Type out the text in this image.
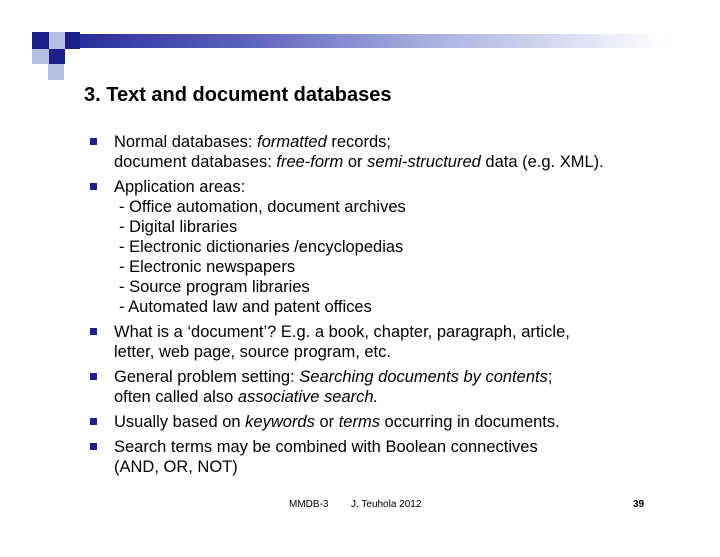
3. Text and document databases
Normal databases: formatted records;
document databases: free-form or semi-structured data (e.g. XML).
Application areas:
- Office automation, document archives
- Digital libraries
- Electronic dictionaries /encyclopedias
- Electronic newspapers
- Source program libraries
- Automated law and patent offices
What is a ‘document’? E.g. a book, chapter, paragraph, article,
letter, web page, source program, etc.
General problem setting: Searching documents by contents;
often called also associative search.
Usually based on keywords or terms occurring in documents.
Search terms may be combined with Boolean connectives
(AND, OR, NOT)
MMDB-3 J. Teuhola 2012	39
